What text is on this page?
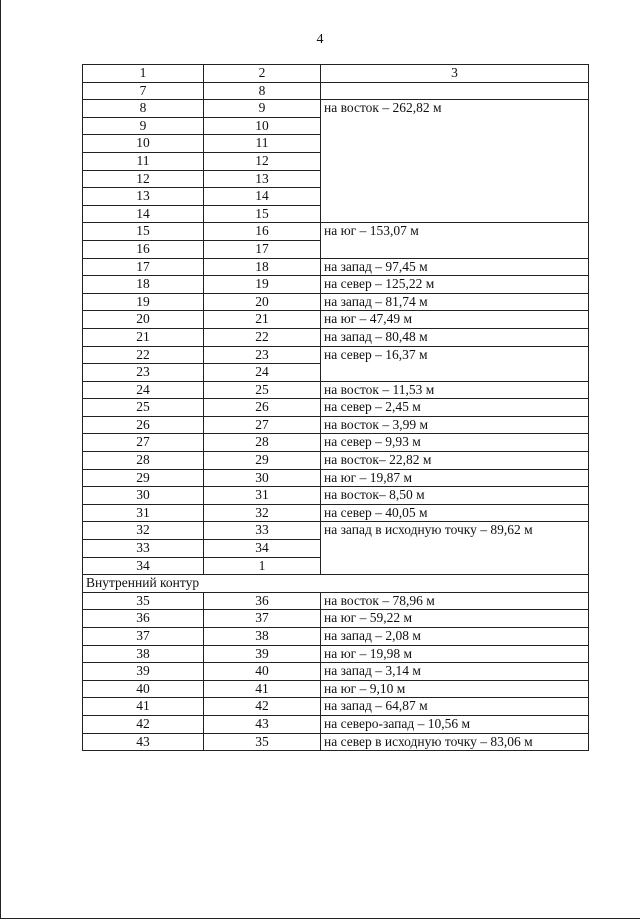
4
1	2	3
7	8	
8	9	на восток – 262,82 м
9	10	
10	11	
11	12	
12	13	
13	14	
14	15	
15	16	на юг – 153,07 м
16	17	
17	18	на запад – 97,45 м
18	19	на север – 125,22 м
19	20	на запад – 81,74 м
20	21	на юг – 47,49 м
21	22	на запад – 80,48 м
22	23	на север – 16,37 м
23	24	
24	25	на восток – 11,53 м
25	26	на север – 2,45 м
26	27	на восток – 3,99 м
27	28	на север – 9,93 м
28	29	на восток– 22,82 м
29	30	на юг – 19,87 м
30	31	на восток– 8,50 м
31	32	на север – 40,05 м
32	33	на запад в исходную точку – 89,62 м
33	34	
34	1	
Внутренний контур		
35	36	на восток – 78,96 м
36	37	на юг – 59,22 м
37	38	на запад – 2,08 м
38	39	на юг – 19,98 м
39	40	на запад – 3,14 м
40	41	на юг – 9,10 м
41	42	на запад – 64,87 м
42	43	на северо-запад – 10,56 м
43	35	на север в исходную точку – 83,06 м
